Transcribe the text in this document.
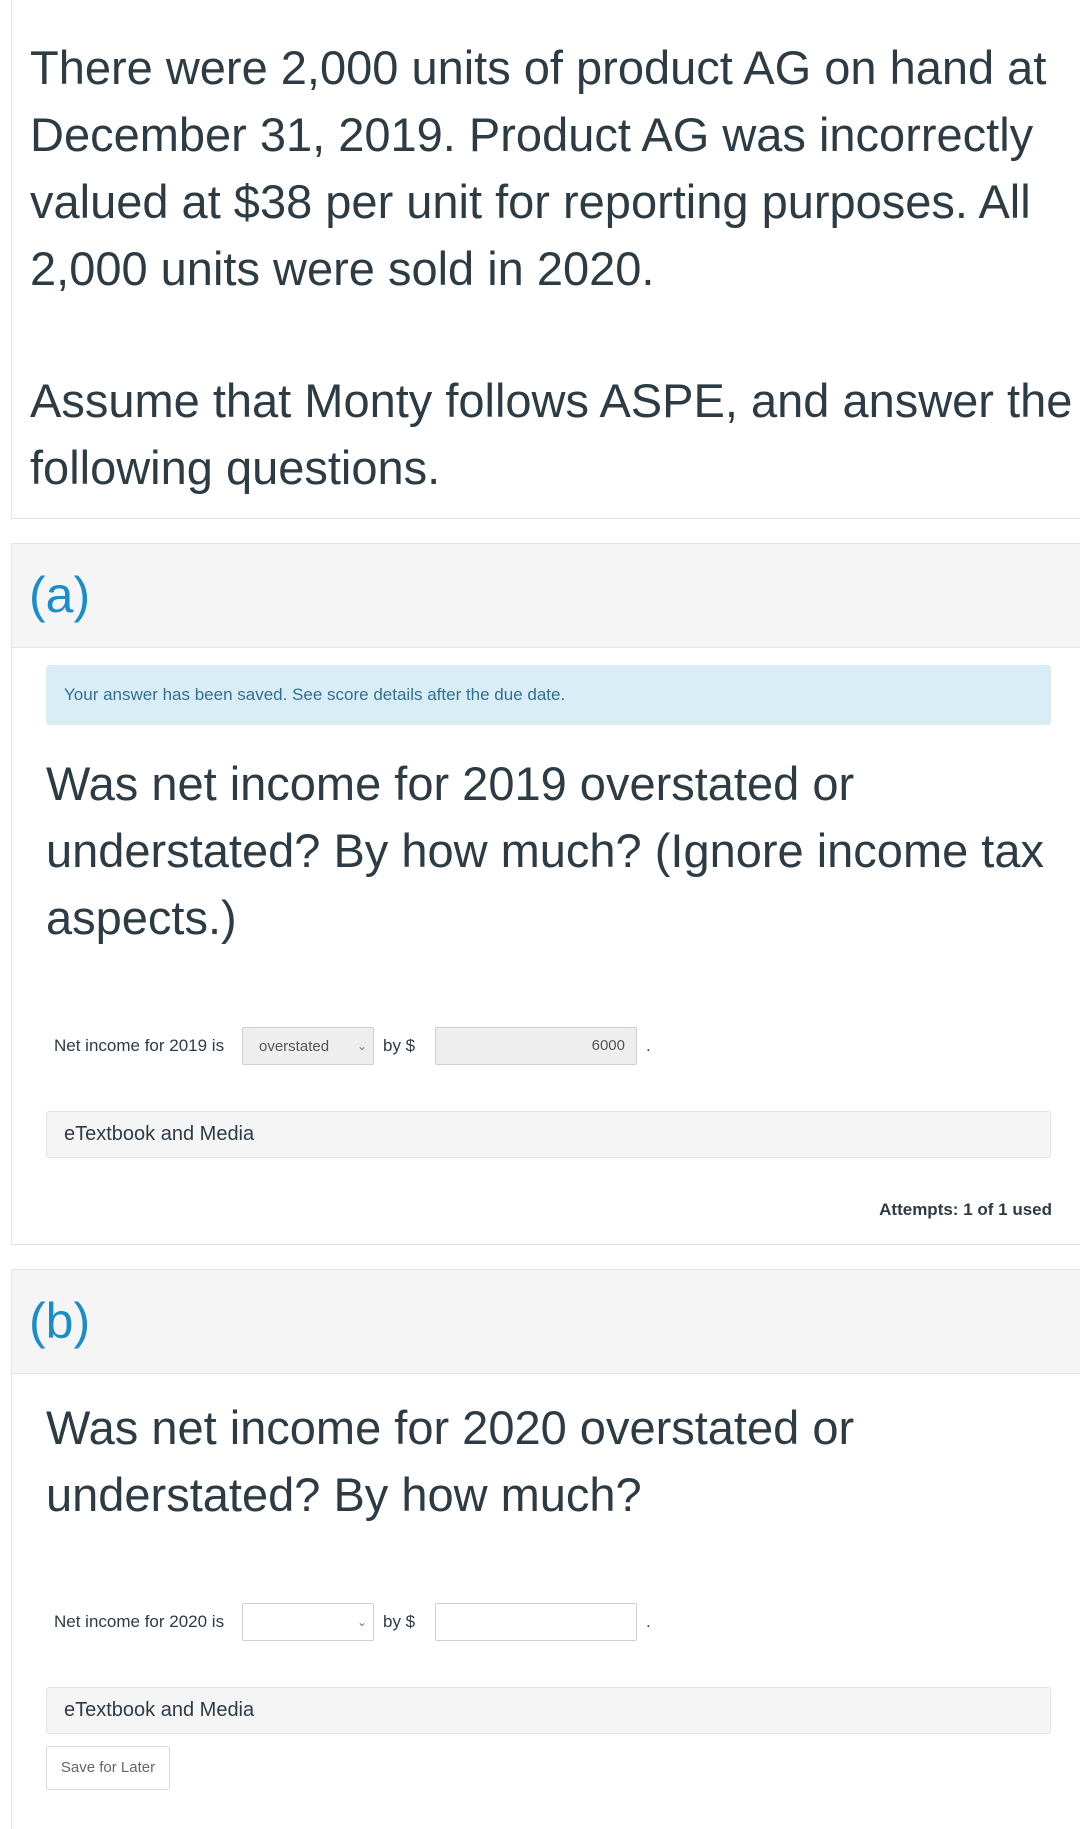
There were 2,000 units of product AG on hand at December 31, 2019. Product AG was incorrectly valued at $38 per unit for reporting purposes. All 2,000 units were sold in 2020.

Assume that Monty follows ASPE, and answer the following questions.

(a)
Your answer has been saved. See score details after the due date.

Was net income for 2019 overstated or understated? By how much? (Ignore income tax aspects.)

Net income for 2019 is overstated ⌄ by $	6000	.
eTextbook and Media
Attempts: 1 of 1 used
(b)

Was net income for 2020 overstated or understated? By how much?

Net income for 2020 is	⌄ by $	.
eTextbook and Media
Save for Later
